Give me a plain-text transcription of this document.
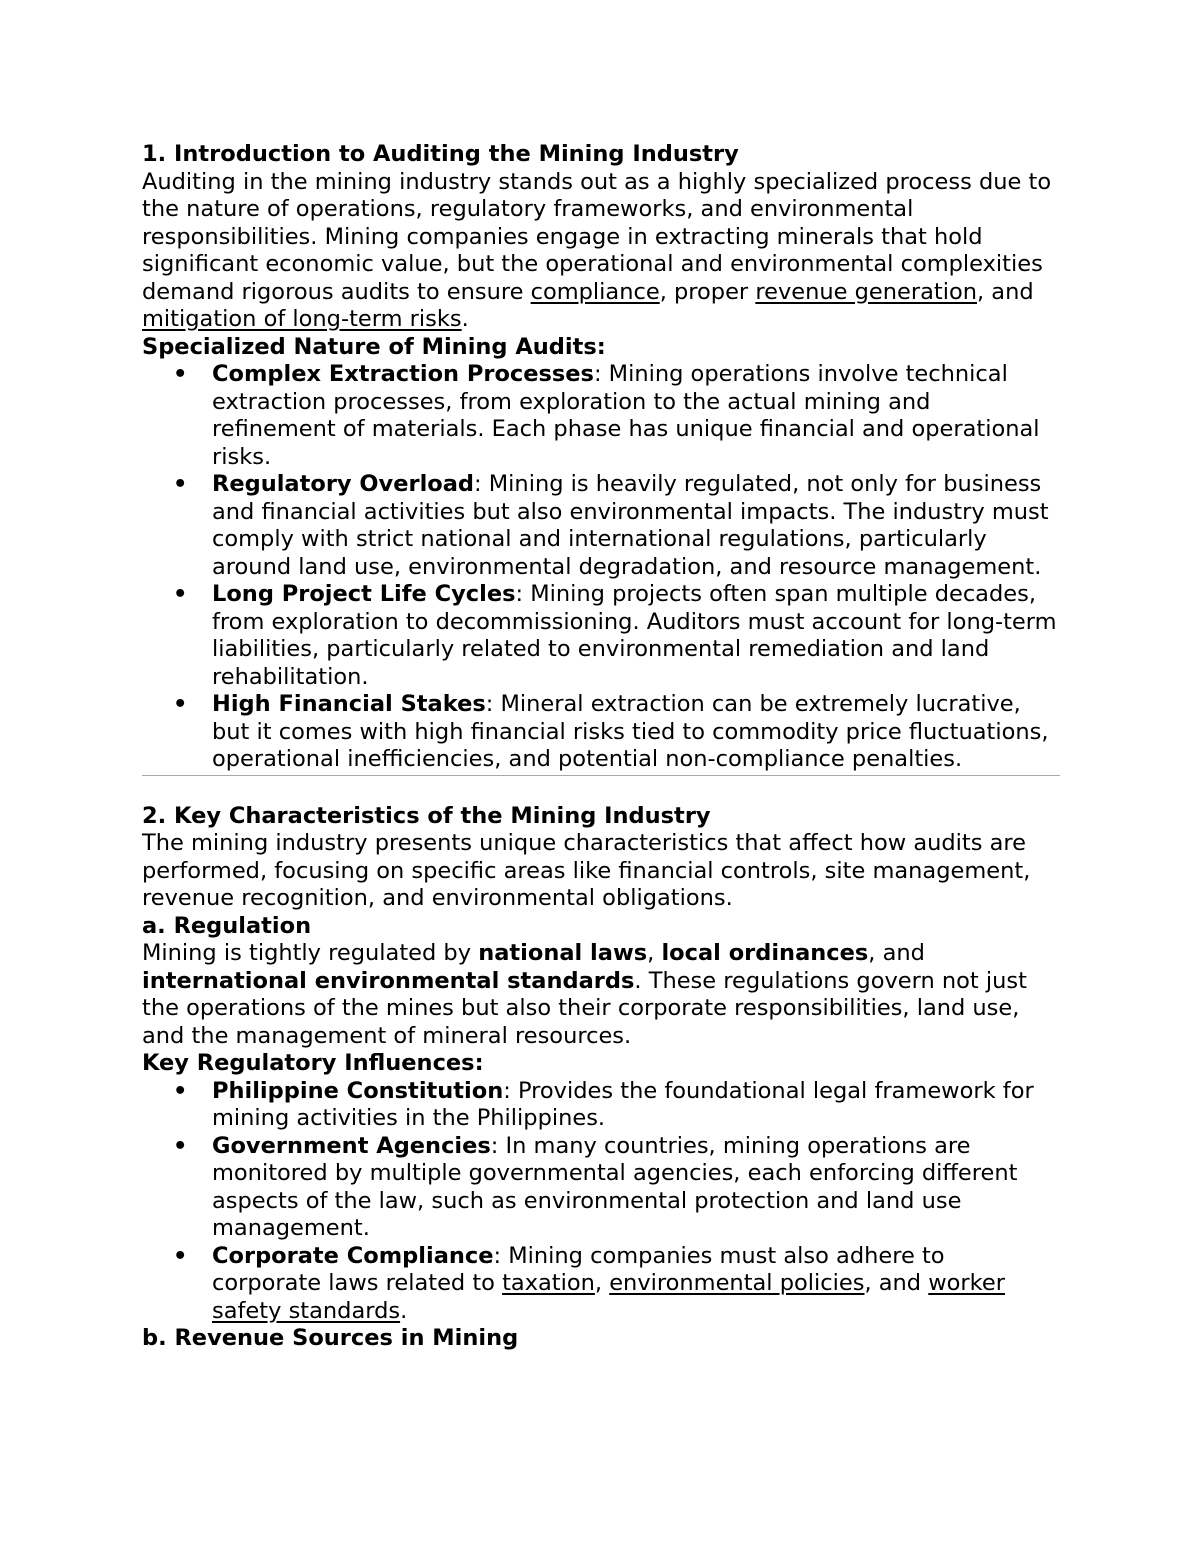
1. Introduction to Auditing the Mining Industry

Auditing in the mining industry stands out as a highly specialized process due to the nature of operations, regulatory frameworks, and environmental responsibilities. Mining companies engage in extracting minerals that hold significant economic value, but the operational and environmental complexities demand rigorous audits to ensure compliance, proper revenue generation, and mitigation of long-term risks.

Specialized Nature of Mining Audits:

• Complex Extraction Processes: Mining operations involve technical extraction processes, from exploration to the actual mining and refinement of materials. Each phase has unique financial and operational risks.
• Regulatory Overload: Mining is heavily regulated, not only for business and financial activities but also environmental impacts. The industry must comply with strict national and international regulations, particularly around land use, environmental degradation, and resource management.
• Long Project Life Cycles: Mining projects often span multiple decades, from exploration to decommissioning. Auditors must account for long-term liabilities, particularly related to environmental remediation and land rehabilitation.
• High Financial Stakes: Mineral extraction can be extremely lucrative, but it comes with high financial risks tied to commodity price fluctuations, operational inefficiencies, and potential non-compliance penalties.

2. Key Characteristics of the Mining Industry

The mining industry presents unique characteristics that affect how audits are performed, focusing on specific areas like financial controls, site management, revenue recognition, and environmental obligations.

a. Regulation

Mining is tightly regulated by national laws, local ordinances, and international environmental standards. These regulations govern not just the operations of the mines but also their corporate responsibilities, land use, and the management of mineral resources.

Key Regulatory Influences:

• Philippine Constitution: Provides the foundational legal framework for mining activities in the Philippines.
• Government Agencies: In many countries, mining operations are monitored by multiple governmental agencies, each enforcing different aspects of the law, such as environmental protection and land use management.
• Corporate Compliance: Mining companies must also adhere to corporate laws related to taxation, environmental policies, and worker safety standards.

b. Revenue Sources in Mining
